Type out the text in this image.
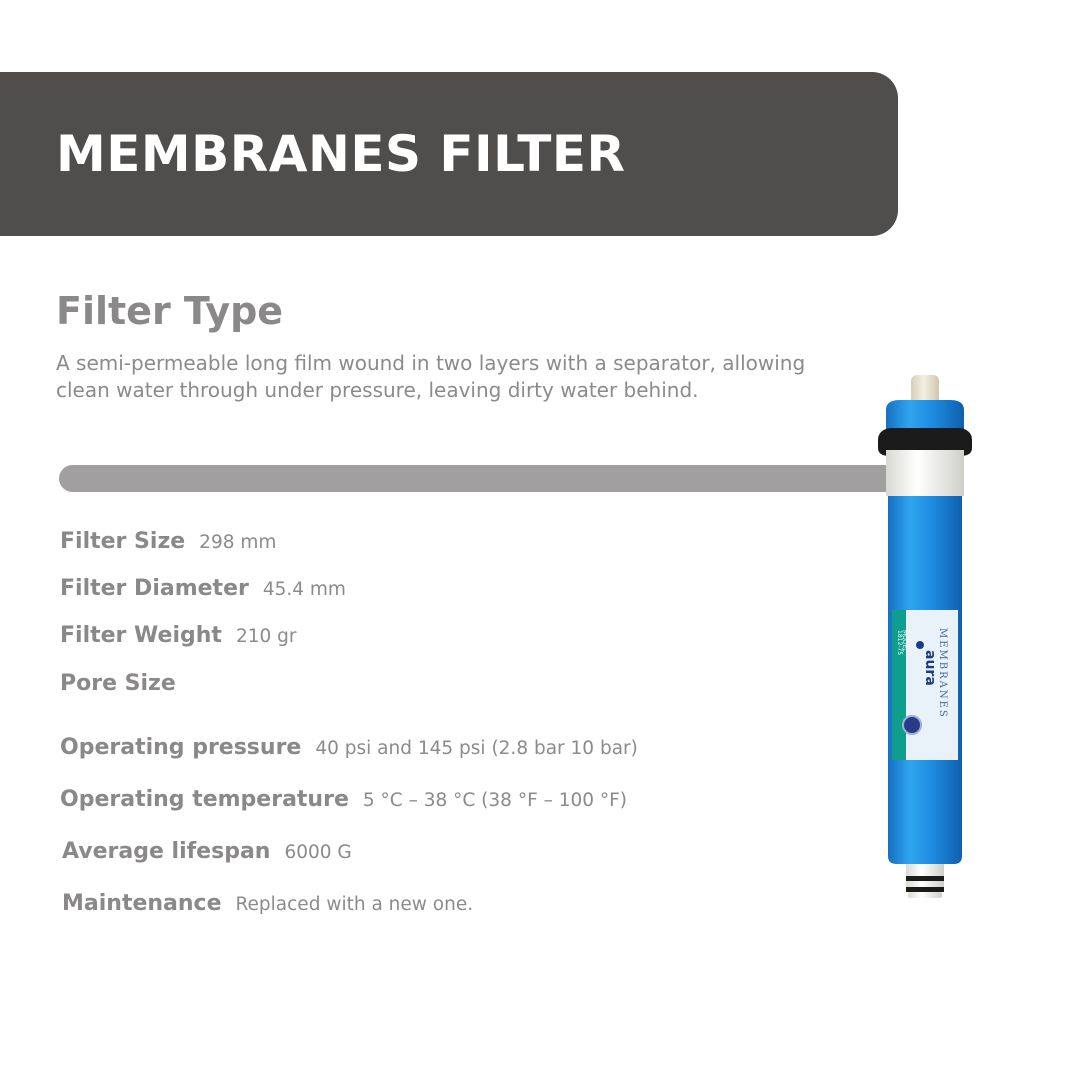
MEMBRANES FILTER
Filter Type
A semi-permeable long film wound in two layers with a separator, allowing clean water through under pressure, leaving dirty water behind.
Filter Size 298 mm
Filter Diameter 45.4 mm
Filter Weight 210 gr
Pore Size
Operating pressure 40 psi and 145 psi (2.8 bar 10 bar)
Operating temperature 5 °C – 38 °C (38 °F – 100 °F)
Average lifespan 6000 G
Maintenance Replaced with a new one.
MODEL
1812-75
aura MEMBRANES
